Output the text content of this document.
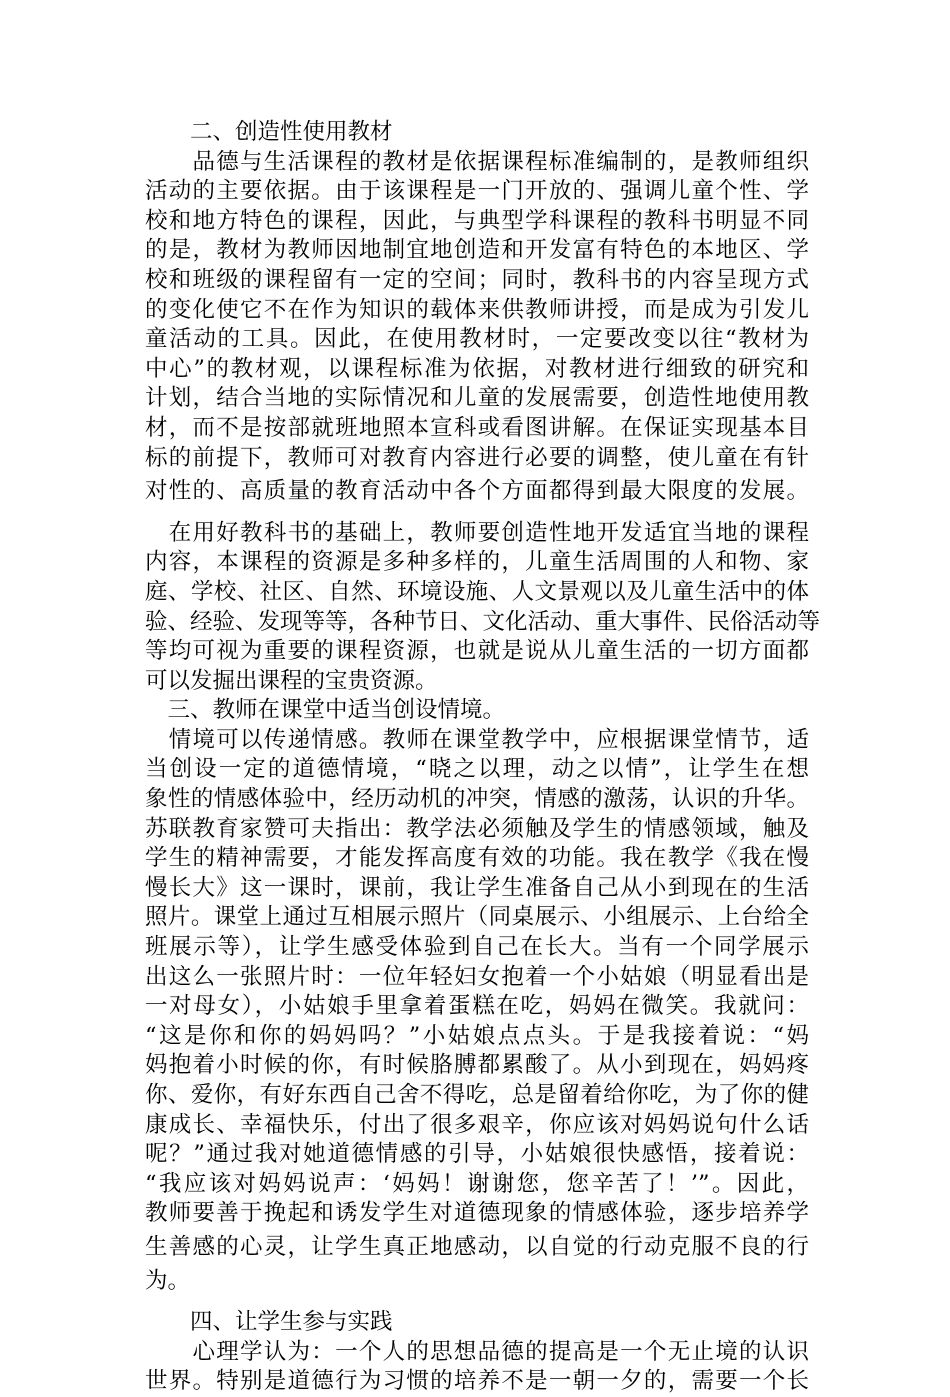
　　二、创造性使用教材
　　品德与生活课程的教材是依据课程标准编制的，是教师组织
活动的主要依据。由于该课程是一门开放的、强调儿童个性、学
校和地方特色的课程，因此，与典型学科课程的教科书明显不同
的是，教材为教师因地制宜地创造和开发富有特色的本地区、学
校和班级的课程留有一定的空间；同时，教科书的内容呈现方式
的变化使它不在作为知识的载体来供教师讲授，而是成为引发儿
童活动的工具。因此，在使用教材时，一定要改变以往“教材为
中心”的教材观，以课程标准为依据，对教材进行细致的研究和
计划，结合当地的实际情况和儿童的发展需要，创造性地使用教
材，而不是按部就班地照本宣科或看图讲解。在保证实现基本目
标的前提下，教师可对教育内容进行必要的调整，使儿童在有针
对性的、高质量的教育活动中各个方面都得到最大限度的发展。
　在用好教科书的基础上，教师要创造性地开发适宜当地的课程
内容，本课程的资源是多种多样的，儿童生活周围的人和物、家
庭、学校、社区、自然、环境设施、人文景观以及儿童生活中的体
验、经验、发现等等，各种节日、文化活动、重大事件、民俗活动等
等均可视为重要的课程资源，也就是说从儿童生活的一切方面都
可以发掘出课程的宝贵资源。
　三、教师在课堂中适当创设情境。
　情境可以传递情感。教师在课堂教学中，应根据课堂情节，适
当创设一定的道德情境，“晓之以理，动之以情”，让学生在想
象性的情感体验中，经历动机的冲突，情感的激荡，认识的升华。
苏联教育家赞可夫指出：教学法必须触及学生的情感领域，触及
学生的精神需要，才能发挥高度有效的功能。我在教学《我在慢
慢长大》这一课时，课前，我让学生准备自己从小到现在的生活
照片。课堂上通过互相展示照片（同桌展示、小组展示、上台给全
班展示等），让学生感受体验到自己在长大。当有一个同学展示
出这么一张照片时：一位年轻妇女抱着一个小姑娘（明显看出是
一对母女），小姑娘手里拿着蛋糕在吃，妈妈在微笑。我就问：
“这是你和你的妈妈吗？”小姑娘点点头。于是我接着说：“妈
妈抱着小时候的你，有时候胳膊都累酸了。从小到现在，妈妈疼
你、爱你，有好东西自己舍不得吃，总是留着给你吃，为了你的健
康成长、幸福快乐，付出了很多艰辛，你应该对妈妈说句什么话
呢？”通过我对她道德情感的引导，小姑娘很快感悟，接着说：
“我应该对妈妈说声：‘妈妈！谢谢您，您辛苦了！’”。因此，
教师要善于挽起和诱发学生对道德现象的情感体验，逐步培养学
生善感的心灵，让学生真正地感动，以自觉的行动克服不良的行
为。
　　四、让学生参与实践
　　心理学认为：一个人的思想品德的提高是一个无止境的认识
世界。特别是道德行为习惯的培养不是一朝一夕的，需要一个长
